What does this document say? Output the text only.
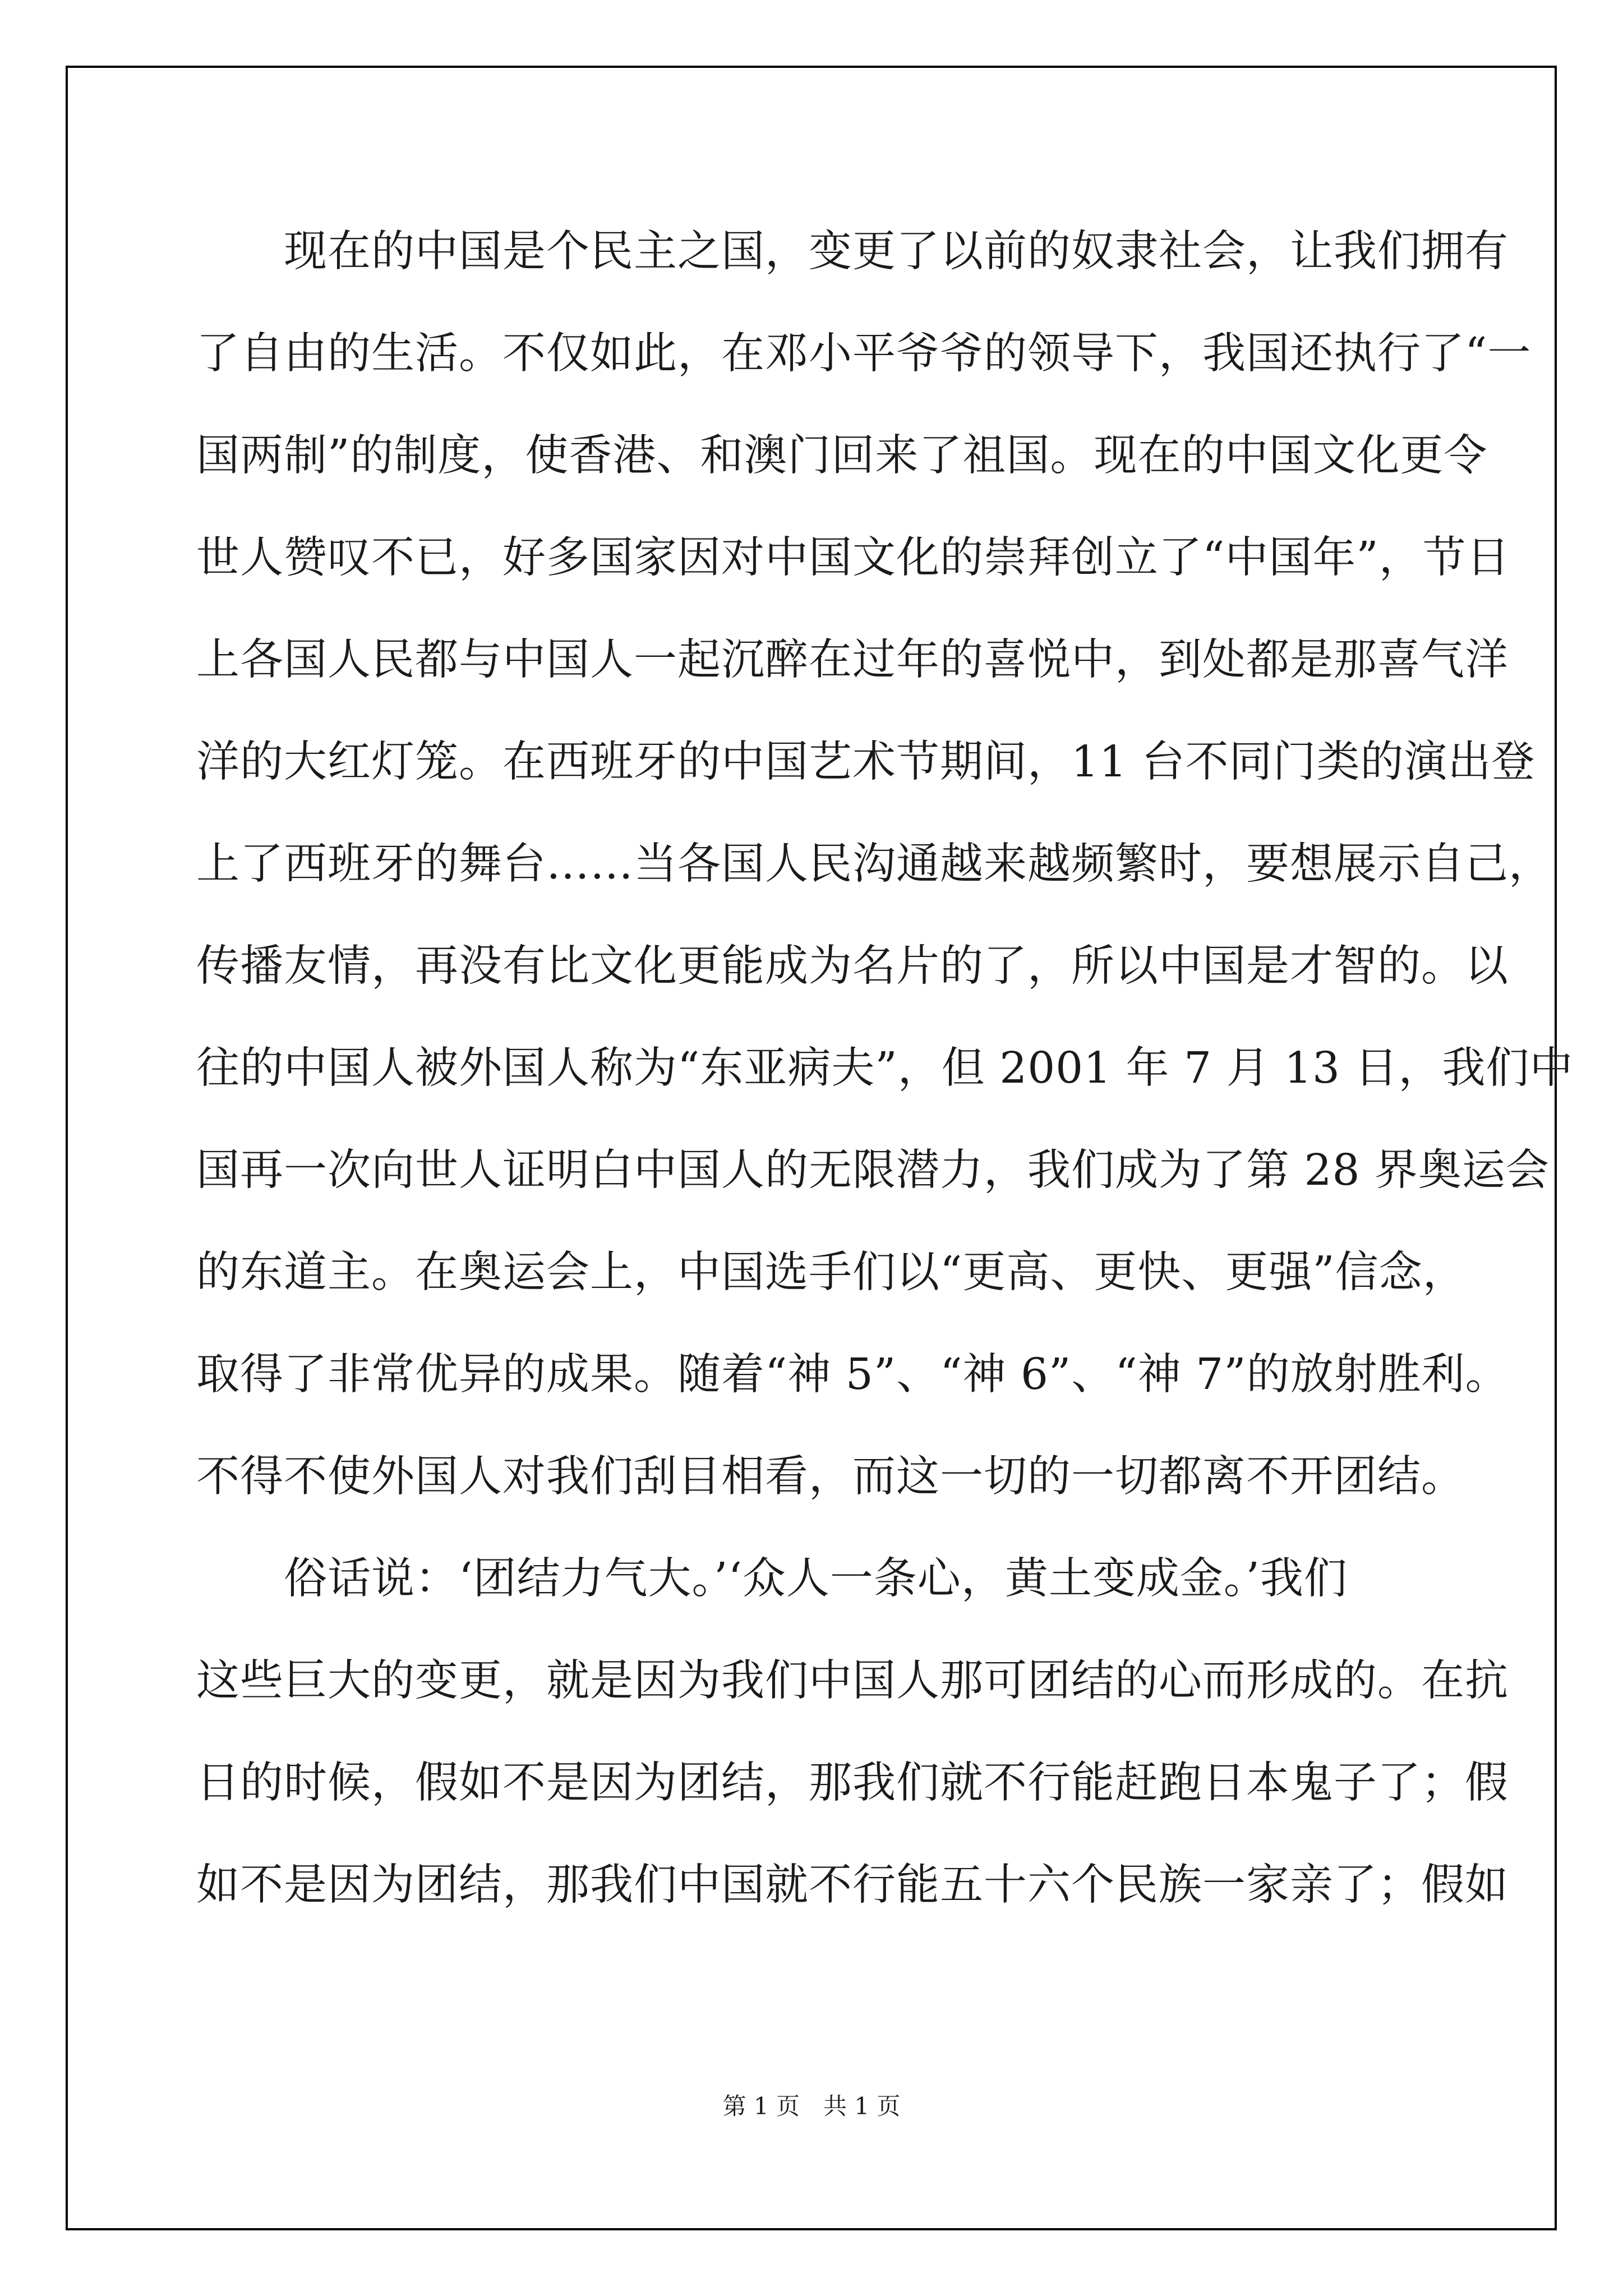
　　现在的中国是个民主之国，变更了以前的奴隶社会，让我们拥有
了自由的生活。不仅如此，在邓小平爷爷的领导下，我国还执行了“一
国两制”的制度，使香港、和澳门回来了祖国。现在的中国文化更令
世人赞叹不已，好多国家因对中国文化的崇拜创立了“中国年”，节日
上各国人民都与中国人一起沉醉在过年的喜悦中，到处都是那喜气洋
洋的大红灯笼。在西班牙的中国艺术节期间，11 台不同门类的演出登
上了西班牙的舞台……当各国人民沟通越来越频繁时，要想展示自己，
传播友情，再没有比文化更能成为名片的了，所以中国是才智的。以
往的中国人被外国人称为“东亚病夫”，但 2001 年 7 月 13 日，我们中
国再一次向世人证明白中国人的无限潜力，我们成为了第 28 界奥运会
的东道主。在奥运会上，中国选手们以“更高、更快、更强”信念，
取得了非常优异的成果。随着“神 5”、“神 6”、“神 7”的放射胜利。
不得不使外国人对我们刮目相看，而这一切的一切都离不开团结。
　　俗话说：‘团结力气大。’‘众人一条心，黄土变成金。’我们
这些巨大的变更，就是因为我们中国人那可团结的心而形成的。在抗
日的时候，假如不是因为团结，那我们就不行能赶跑日本鬼子了；假
如不是因为团结，那我们中国就不行能五十六个民族一家亲了；假如
第 1 页　共 1 页
